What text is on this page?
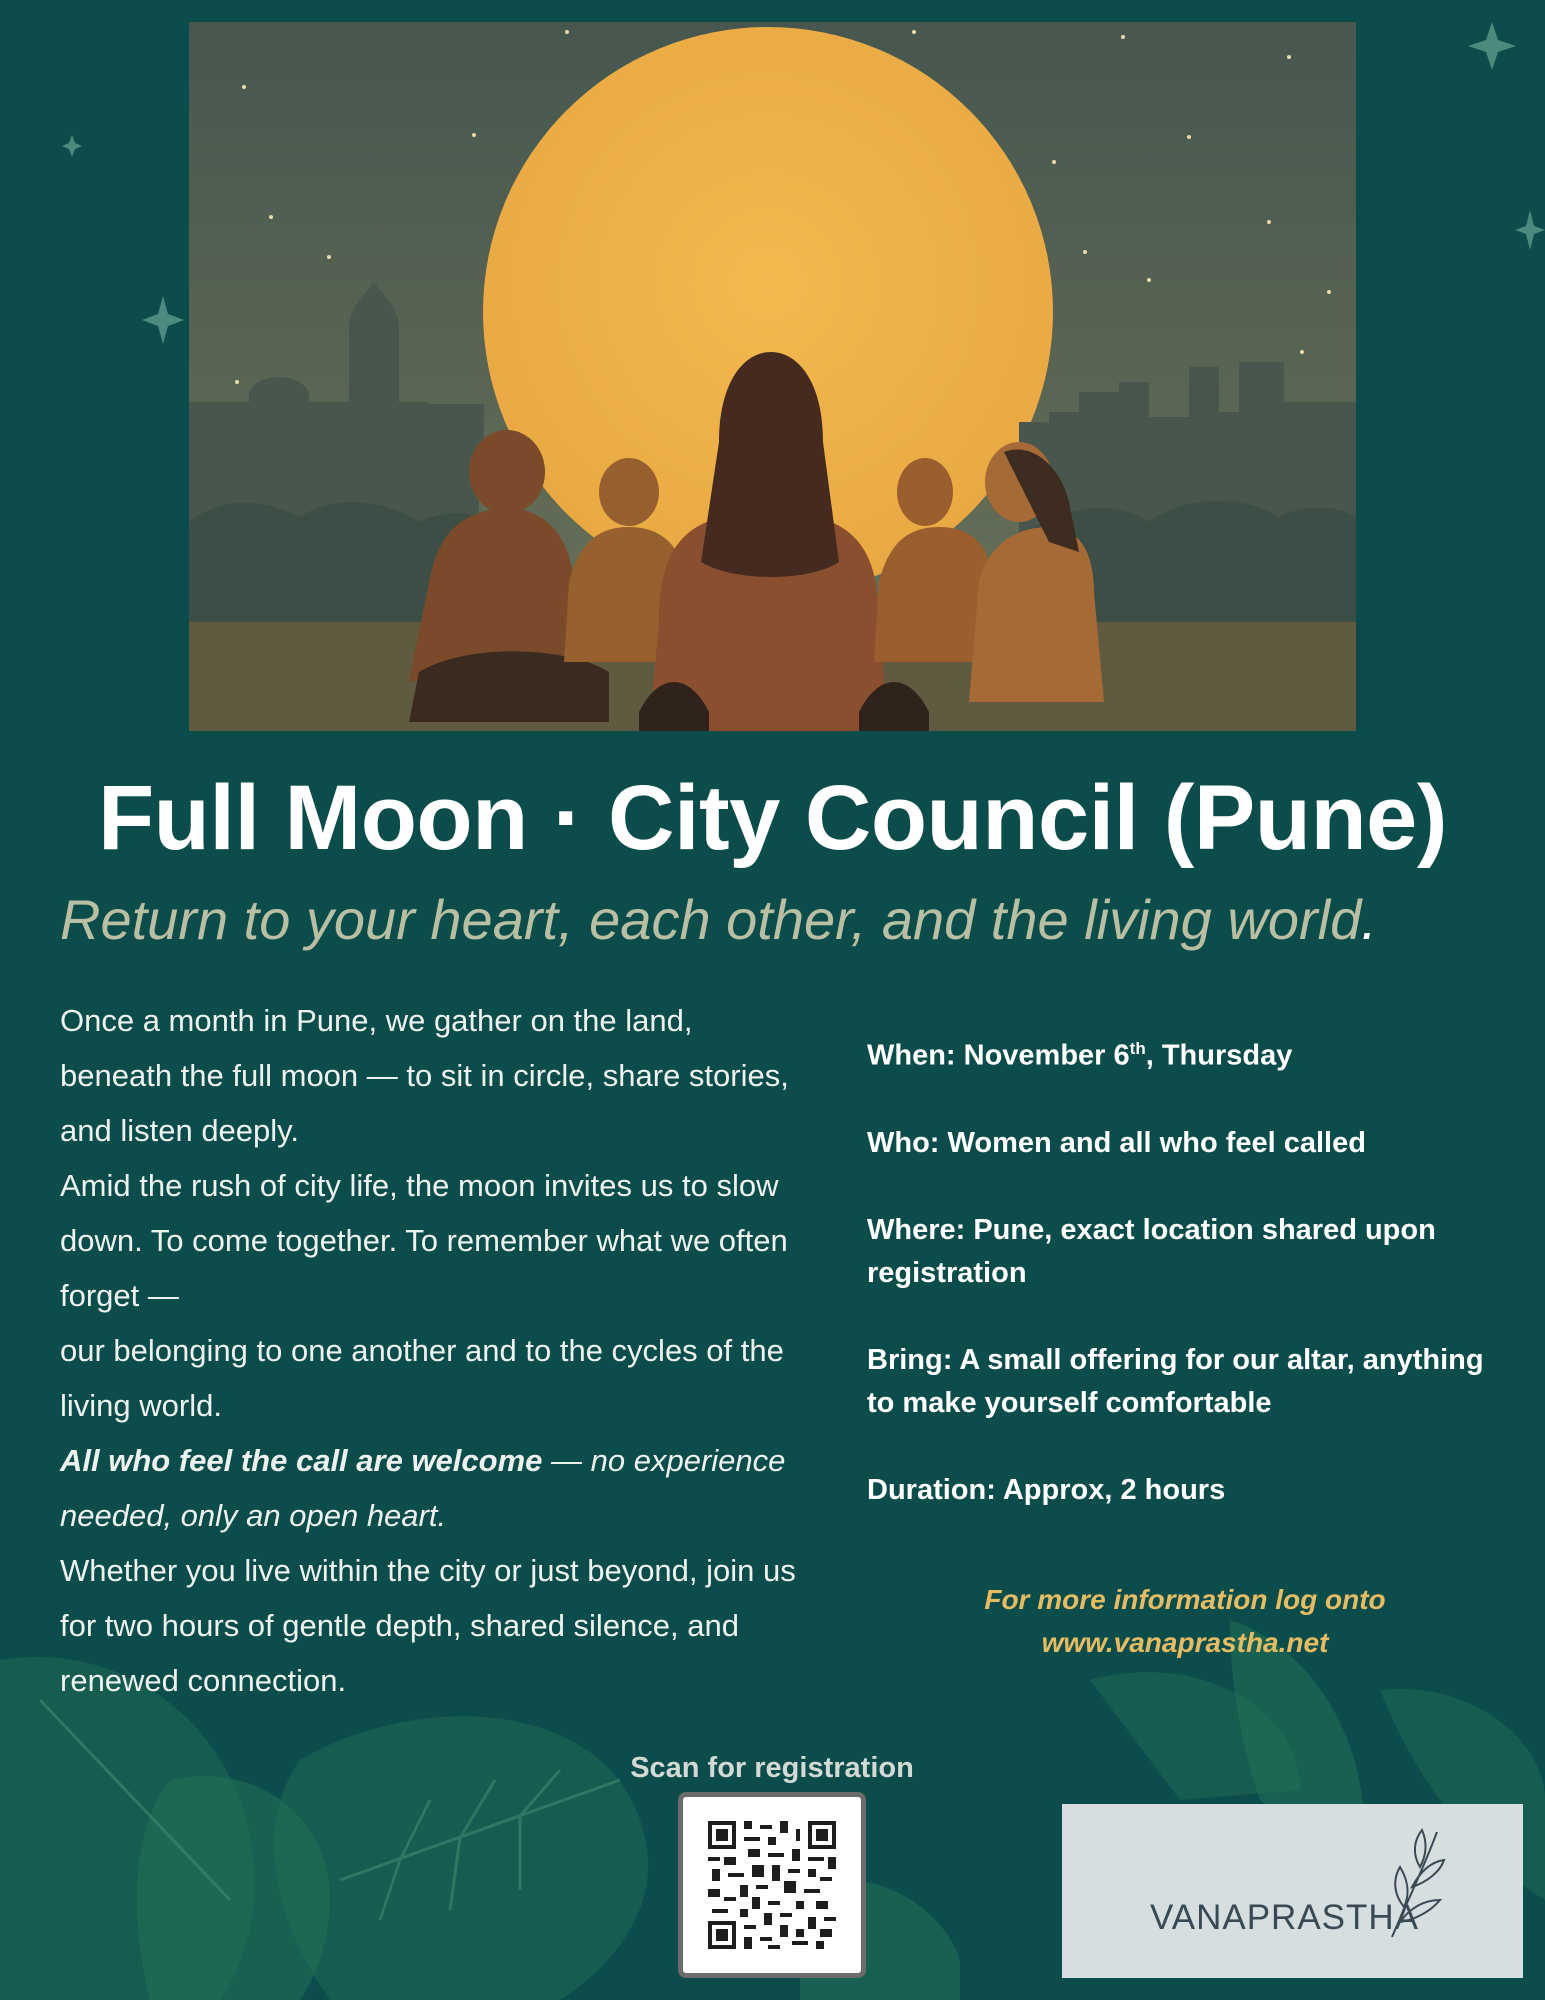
Full Moon · City Council (Pune)
Return to your heart, each other, and the living world.

Once a month in Pune, we gather on the land, beneath the full moon — to sit in circle, share stories, and listen deeply.

Amid the rush of city life, the moon invites us to slow down. To come together. To remember what we often forget —

our belonging to one another and to the cycles of the living world.

All who feel the call are welcome — no experience needed, only an open heart.

Whether you live within the city or just beyond, join us for two hours of gentle depth, shared silence, and renewed connection.

When: November 6th, Thursday

Who: Women and all who feel called

Where: Pune, exact location shared upon registration

Bring: A small offering for our altar, anything to make yourself comfortable

Duration: Approx, 2 hours

For more information log onto
www.vanaprastha.net
Scan for registration
VANAPRASTHA
